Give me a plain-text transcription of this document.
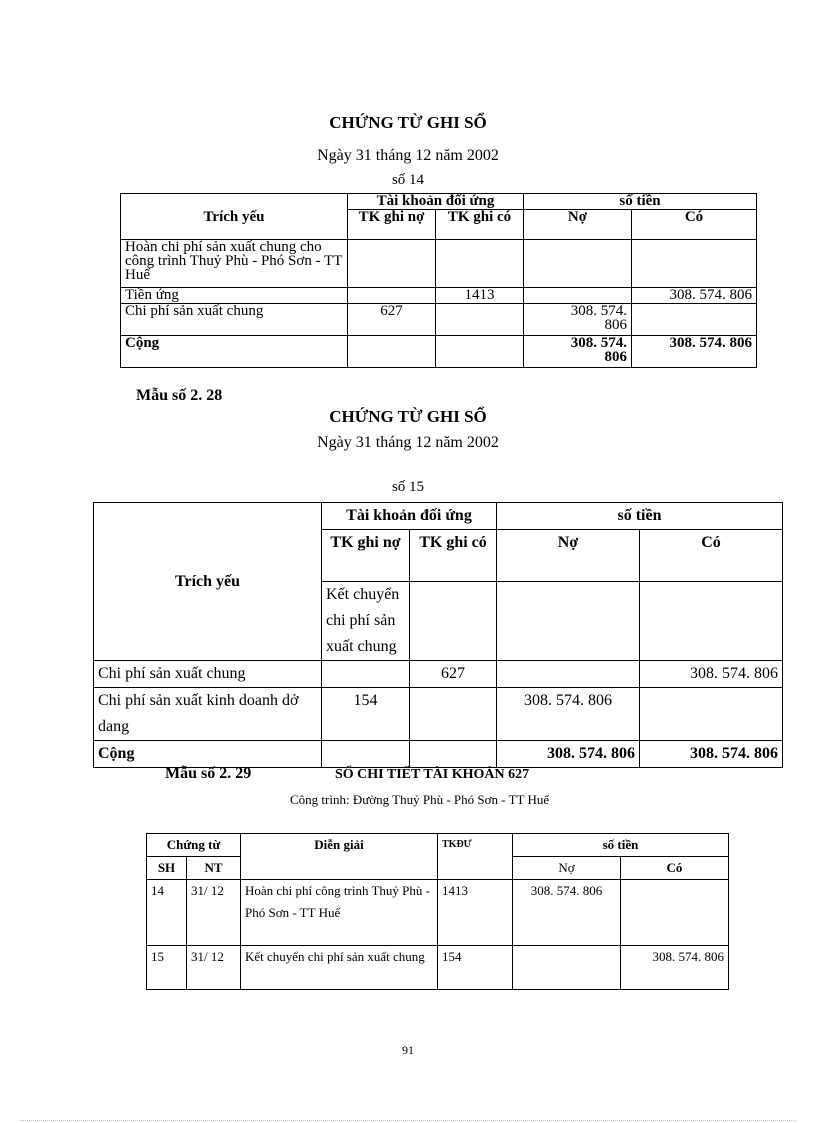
CHỨNG TỪ GHI SỔ
Ngày 31 tháng 12 năm 2002
số 14
Trích yếu	Tài khoản đối ứng		số tiền	
	TK ghi nợ	TK ghi có	Nợ	Có
Hoàn chi phí sản xuất chung cho công trình Thuỷ Phù - Phó Sơn - TT Huế				
Tiền ứng		1413		308. 574. 806
Chi phí sản xuất chung	627		308. 574. 806	
Cộng			308. 574. 806	308. 574. 806
Mẫu số 2. 28
CHỨNG TỪ GHI SỔ
Ngày 31 tháng 12 năm 2002
số 15
Trích yếu	Tài khoản đối ứng		số tiền		
	TK ghi nợ	TK ghi có	Nợ	Có	
	Kết chuyển chi phí sản xuất chung				
Chi phí sản xuất chung		627		308. 574. 806	
Chi phí sản xuất kinh doanh dở dang	154		308. 574. 806		
Cộng			308. 574. 806	308. 574. 806	
Mẫu số 2. 29	SỔ CHI TIẾT TÀI KHOẢN 627
Công trình: Đường Thuỷ Phù - Phó Sơn - TT Huế
Chứng từ		Diễn giải	TKĐƯ	số tiền	
SH	NT			Nợ	Có
14	31/ 12	Hoàn chi phí công trình Thuỷ Phù - Phó Sơn - TT Huế	1413	308. 574. 806	
15	31/ 12	Kết chuyển chi phí sản xuất chung	154		308. 574. 806
91
